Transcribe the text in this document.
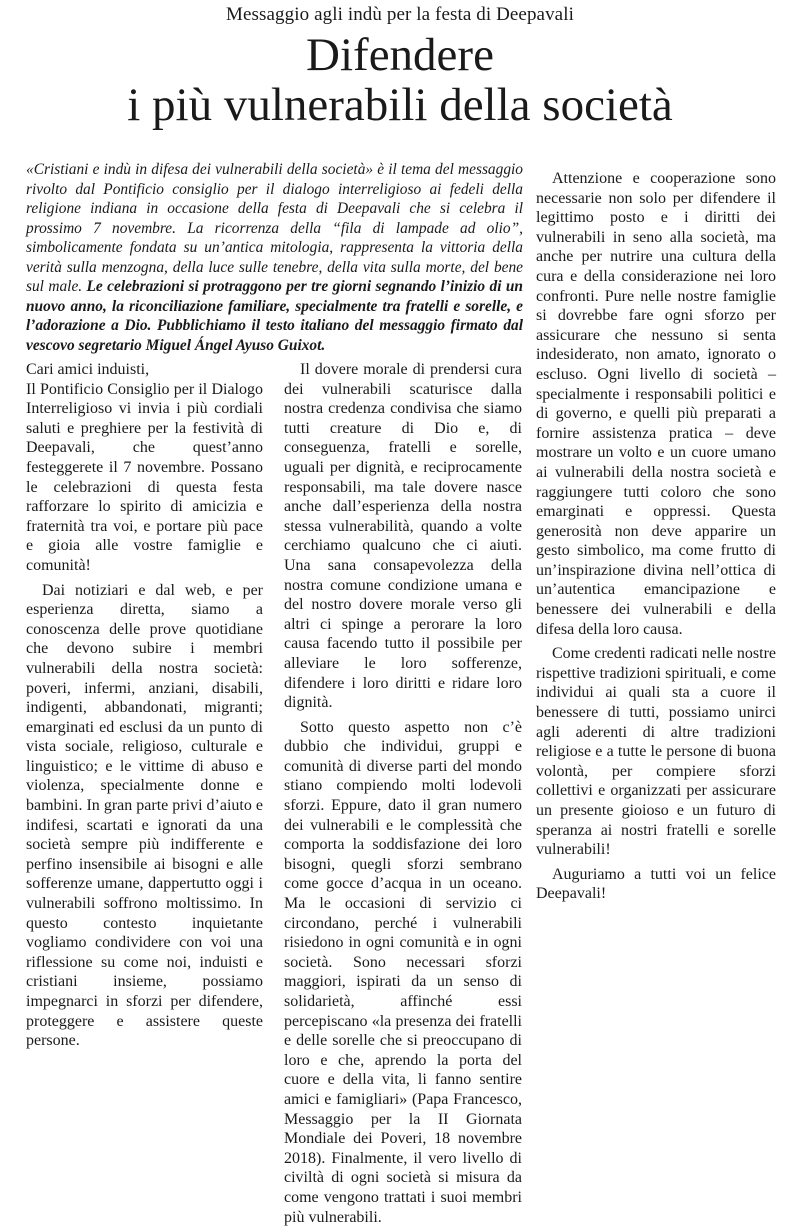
Messaggio agli indù per la festa di Deepavali
Difendere
i più vulnerabili della società
«Cristiani e indù in difesa dei vulnerabili della società» è il tema del messaggio rivolto dal Pontificio consiglio per il dialogo interreligioso ai fedeli della religione indiana in occasione della festa di Deepavali che si celebra il prossimo 7 novembre. La ricorrenza della “fila di lampade ad olio”, simbolicamente fondata su un’antica mitologia, rappresenta la vittoria della verità sulla menzogna, della luce sulle tenebre, della vita sulla morte, del bene sul male. Le celebrazioni si protraggono per tre giorni segnando l’inizio di un nuovo anno, la riconciliazione familiare, specialmente tra fratelli e sorelle, e l’adorazione a Dio. Pubblichiamo il testo italiano del messaggio firmato dal vescovo segretario Miguel Ángel Ayuso Guixot.

Cari amici induisti,

Il Pontificio Consiglio per il Dialogo Interreligioso vi invia i più cordiali saluti e preghiere per la festività di Deepavali, che quest’anno festeggerete il 7 novembre. Possano le celebrazioni di questa festa rafforzare lo spirito di amicizia e fraternità tra voi, e portare più pace e gioia alle vostre famiglie e comunità!

Dai notiziari e dal web, e per esperienza diretta, siamo a conoscenza delle prove quotidiane che devono subire i membri vulnerabili della nostra società: poveri, infermi, anziani, disabili, indigenti, abbandonati, migranti; emarginati ed esclusi da un punto di vista sociale, religioso, culturale e linguistico; e le vittime di abuso e violenza, specialmente donne e bambini. In gran parte privi d’aiuto e indifesi, scartati e ignorati da una società sempre più indifferente e perfino insensibile ai bisogni e alle sofferenze umane, dappertutto oggi i vulnerabili soffrono moltissimo. In questo contesto inquietante vogliamo condividere con voi una riflessione su come noi, induisti e cristiani insieme, possiamo impegnarci in sforzi per difendere, proteggere e assistere queste persone.

Il dovere morale di prendersi cura dei vulnerabili scaturisce dalla nostra credenza condivisa che siamo tutti creature di Dio e, di conseguenza, fratelli e sorelle, uguali per dignità, e reciprocamente responsabili, ma tale dovere nasce anche dall’esperienza della nostra stessa vulnerabilità, quando a volte cerchiamo qualcuno che ci aiuti. Una sana consapevolezza della nostra comune condizione umana e del nostro dovere morale verso gli altri ci spinge a perorare la loro causa facendo tutto il possibile per alleviare le loro sofferenze, difendere i loro diritti e ridare loro dignità.

Sotto questo aspetto non c’è dubbio che individui, gruppi e comunità di diverse parti del mondo stiano compiendo molti lodevoli sforzi. Eppure, dato il gran numero dei vulnerabili e le complessità che comporta la soddisfazione dei loro bisogni, quegli sforzi sembrano come gocce d’acqua in un oceano. Ma le occasioni di servizio ci circondano, perché i vulnerabili risiedono in ogni comunità e in ogni società. Sono necessari sforzi maggiori, ispirati da un senso di solidarietà, affinché essi percepiscano «la presenza dei fratelli e delle sorelle che si preoccupano di loro e che, aprendo la porta del cuore e della vita, li fanno sentire amici e famigliari» (Papa Francesco, Messaggio per la II Giornata Mondiale dei Poveri, 18 novembre 2018). Finalmente, il vero livello di civiltà di ogni società si misura da come vengono trattati i suoi membri più vulnerabili.

Attenzione e cooperazione sono necessarie non solo per difendere il legittimo posto e i diritti dei vulnerabili in seno alla società, ma anche per nutrire una cultura della cura e della considerazione nei loro confronti. Pure nelle nostre famiglie si dovrebbe fare ogni sforzo per assicurare che nessuno si senta indesiderato, non amato, ignorato o escluso. Ogni livello di società – specialmente i responsabili politici e di governo, e quelli più preparati a fornire assistenza pratica – deve mostrare un volto e un cuore umano ai vulnerabili della nostra società e raggiungere tutti coloro che sono emarginati e oppressi. Questa generosità non deve apparire un gesto simbolico, ma come frutto di un’inspirazione divina nell’ottica di un’autentica emancipazione e benessere dei vulnerabili e della difesa della loro causa.

Come credenti radicati nelle nostre rispettive tradizioni spirituali, e come individui ai quali sta a cuore il benessere di tutti, possiamo unirci agli aderenti di altre tradizioni religiose e a tutte le persone di buona volontà, per compiere sforzi collettivi e organizzati per assicurare un presente gioioso e un futuro di speranza ai nostri fratelli e sorelle vulnerabili!

Auguriamo a tutti voi un felice Deepavali!
